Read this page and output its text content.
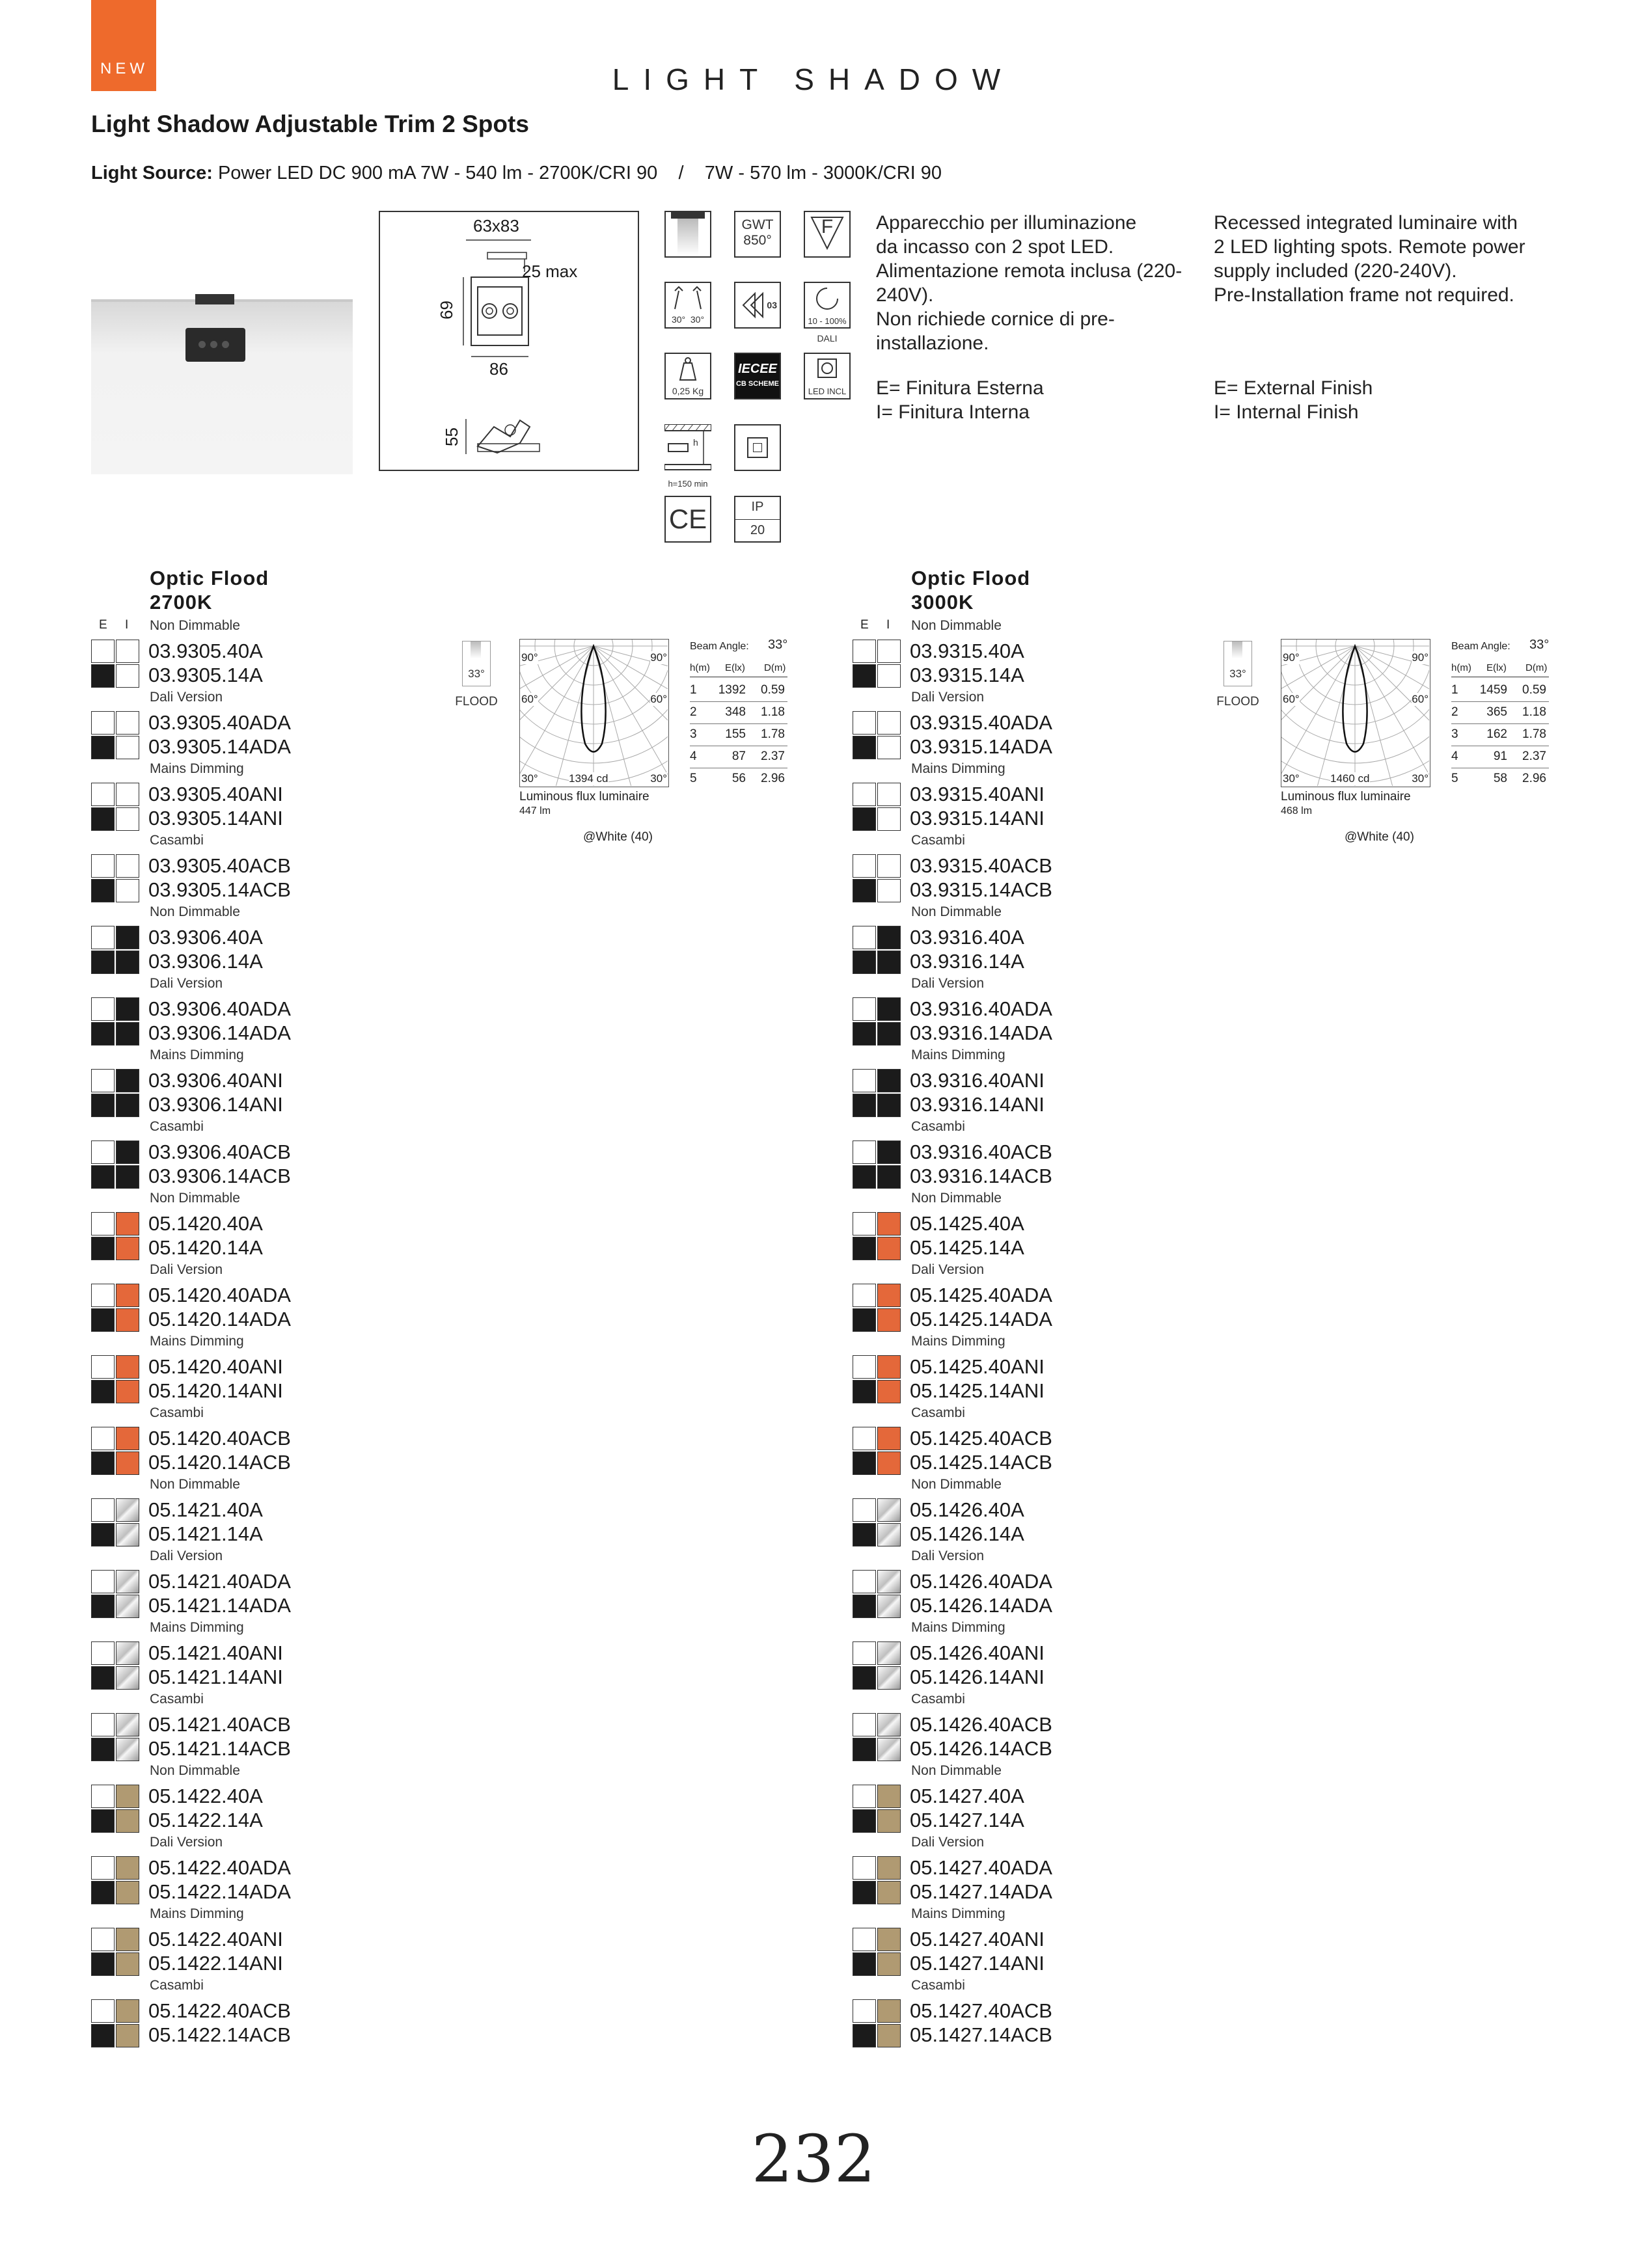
NEW	LIGHT SHADOW
Light Shadow Adjustable Trim 2 Spots
Light Source: Power LED DC 900 mA 7W - 540 lm - 2700K/CRI 90    /    7W - 570 lm - 3000K/CRI 90
63x83
25 max
69
86
55
GWT
850°
F
30°  30°
03
10 - 100%
DALI
0,25 Kg
IECEE
CB SCHEME
LED INCL
h
h=150 min
CE	IP
20
Apparecchio per illuminazione
da incasso con 2 spot LED.
Alimentazione remota inclusa (220-
240V).
Non richiede cornice di pre-
installazione.
Recessed integrated luminaire with
2 LED lighting spots. Remote power
supply included (220-240V).
Pre-Installation frame not required.
E= Finitura Esterna
I= Finitura Interna
E= External Finish
I= Internal Finish
Optic Flood
2700K
E I Non Dimmable
03.9305.40A
03.9305.14A
Dali Version
03.9305.40ADA
03.9305.14ADA
Mains Dimming
03.9305.40ANI
03.9305.14ANI
Casambi
03.9305.40ACB
03.9305.14ACB
Non Dimmable
03.9306.40A
03.9306.14A
Dali Version
03.9306.40ADA
03.9306.14ADA
Mains Dimming
03.9306.40ANI
03.9306.14ANI
Casambi
03.9306.40ACB
03.9306.14ACB
Non Dimmable
05.1420.40A
05.1420.14A
Dali Version
05.1420.40ADA
05.1420.14ADA
Mains Dimming
05.1420.40ANI
05.1420.14ANI
Casambi
05.1420.40ACB
05.1420.14ACB
Non Dimmable
05.1421.40A
05.1421.14A
Dali Version
05.1421.40ADA
05.1421.14ADA
Mains Dimming
05.1421.40ANI
05.1421.14ANI
Casambi
05.1421.40ACB
05.1421.14ACB
Non Dimmable
05.1422.40A
05.1422.14A
Dali Version
05.1422.40ADA
05.1422.14ADA
Mains Dimming
05.1422.40ANI
05.1422.14ANI
Casambi
05.1422.40ACB
05.1422.14ACB
33°
FLOOD
90°	90°
60°	60°
30°	30°
1394 cd
Luminous flux luminaire
447 lm
@White (40)
Beam Angle: 33°
h(m) E(lx) D(m)
1	1392	0.59
2	348	1.18
3	155	1.78
4	87	2.37
5	56	2.96
Optic Flood
3000K
E I Non Dimmable
03.9315.40A
03.9315.14A
Dali Version
03.9315.40ADA
03.9315.14ADA
Mains Dimming
03.9315.40ANI
03.9315.14ANI
Casambi
03.9315.40ACB
03.9315.14ACB
Non Dimmable
03.9316.40A
03.9316.14A
Dali Version
03.9316.40ADA
03.9316.14ADA
Mains Dimming
03.9316.40ANI
03.9316.14ANI
Casambi
03.9316.40ACB
03.9316.14ACB
Non Dimmable
05.1425.40A
05.1425.14A
Dali Version
05.1425.40ADA
05.1425.14ADA
Mains Dimming
05.1425.40ANI
05.1425.14ANI
Casambi
05.1425.40ACB
05.1425.14ACB
Non Dimmable
05.1426.40A
05.1426.14A
Dali Version
05.1426.40ADA
05.1426.14ADA
Mains Dimming
05.1426.40ANI
05.1426.14ANI
Casambi
05.1426.40ACB
05.1426.14ACB
Non Dimmable
05.1427.40A
05.1427.14A
Dali Version
05.1427.40ADA
05.1427.14ADA
Mains Dimming
05.1427.40ANI
05.1427.14ANI
Casambi
05.1427.40ACB
05.1427.14ACB
33°
FLOOD
90°	90°
60°	60°
30°	30°
1460 cd
Luminous flux luminaire
468 lm
@White (40)
Beam Angle: 33°
h(m) E(lx) D(m)
1	1459	0.59
2	365	1.18
3	162	1.78
4	91	2.37
5	58	2.96
232
